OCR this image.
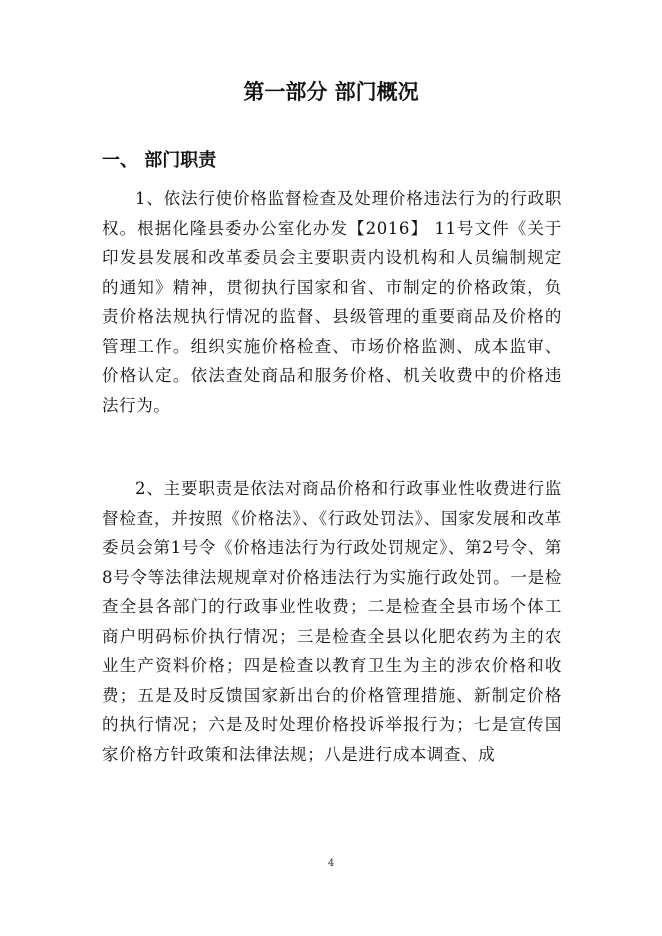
第一部分 部门概况
一、 部门职责

1、依法行使价格监督检查及处理价格违法行为的行政职权。根据化隆县委办公室化办发【2016】 11号文件《关于印发县发展和改革委员会主要职责内设机构和人员编制规定的通知》精神，贯彻执行国家和省、市制定的价格政策，负责价格法规执行情况的监督、县级管理的重要商品及价格的管理工作。组织实施价格检查、市场价格监测、成本监审、价格认定。依法查处商品和服务价格、机关收费中的价格违法行为。

2、主要职责是依法对商品价格和行政事业性收费进行监督检查，并按照《价格法》、《行政处罚法》、国家发展和改革委员会第1号令《价格违法行为行政处罚规定》、第2号令、第8号令等法律法规规章对价格违法行为实施行政处罚。一是检查全县各部门的行政事业性收费；二是检查全县市场个体工商户明码标价执行情况；三是检查全县以化肥农药为主的农业生产资料价格；四是检查以教育卫生为主的涉农价格和收费；五是及时反馈国家新出台的价格管理措施、新制定价格的执行情况；六是及时处理价格投诉举报行为；七是宣传国家价格方针政策和法律法规；八是进行成本调查、成

4
